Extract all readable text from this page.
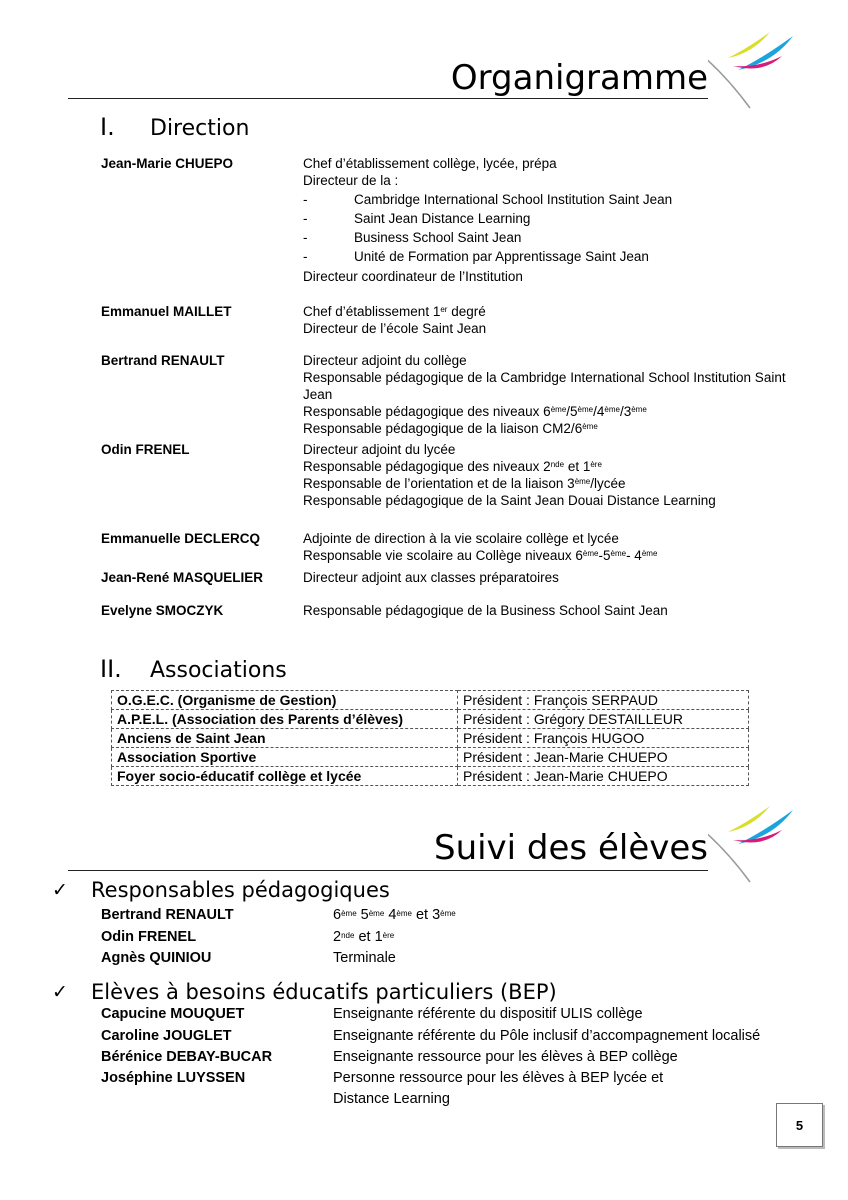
Organigramme
I. Direction
Jean-Marie CHUEPO	Chef d’établissement collège, lycée, prépa
Directeur de la :
- Cambridge International School Institution Saint Jean
- Saint Jean Distance Learning
- Business School Saint Jean
- Unité de Formation par Apprentissage Saint Jean
Directeur coordinateur de l’Institution
Emmanuel MAILLET	Chef d’établissement 1er degré
Directeur de l’école Saint Jean
Bertrand RENAULT	Directeur adjoint du collège
Responsable pédagogique de la Cambridge International School Institution Saint Jean
Responsable pédagogique des niveaux 6ème/5ème/4ème/3ème
Responsable pédagogique de la liaison CM2/6ème
Odin FRENEL	Directeur adjoint du lycée
Responsable pédagogique des niveaux 2nde et 1ère
Responsable de l’orientation et de la liaison 3ème/lycée
Responsable pédagogique de la Saint Jean Douai Distance Learning
Emmanuelle DECLERCQ	Adjointe de direction à la vie scolaire collège et lycée
Responsable vie scolaire au Collège niveaux 6ème-5ème- 4ème
Jean-René MASQUELIER	Directeur adjoint aux classes préparatoires
Evelyne SMOCZYK	Responsable pédagogique de la Business School Saint Jean
II. Associations
O.G.E.C. (Organisme de Gestion)	Président : François SERPAUD
A.P.E.L. (Association des Parents d’élèves)	Président : Grégory DESTAILLEUR
Anciens de Saint Jean	Président : François HUGOO
Association Sportive	Président : Jean-Marie CHUEPO
Foyer socio-éducatif collège et lycée	Président : Jean-Marie CHUEPO
Suivi des élèves
✓ Responsables pédagogiques
Bertrand RENAULT	6ème 5ème 4ème et 3ème
Odin FRENEL	2nde et 1ère
Agnès QUINIOU	Terminale
✓ Elèves à besoins éducatifs particuliers (BEP)
Capucine MOUQUET	Enseignante référente du dispositif ULIS collège
Caroline JOUGLET	Enseignante référente du Pôle inclusif d’accompagnement localisé
Bérénice DEBAY-BUCAR	Enseignante ressource pour les élèves à BEP collège
Joséphine LUYSSEN	Personne ressource pour les élèves à BEP lycée et
Distance Learning
5
